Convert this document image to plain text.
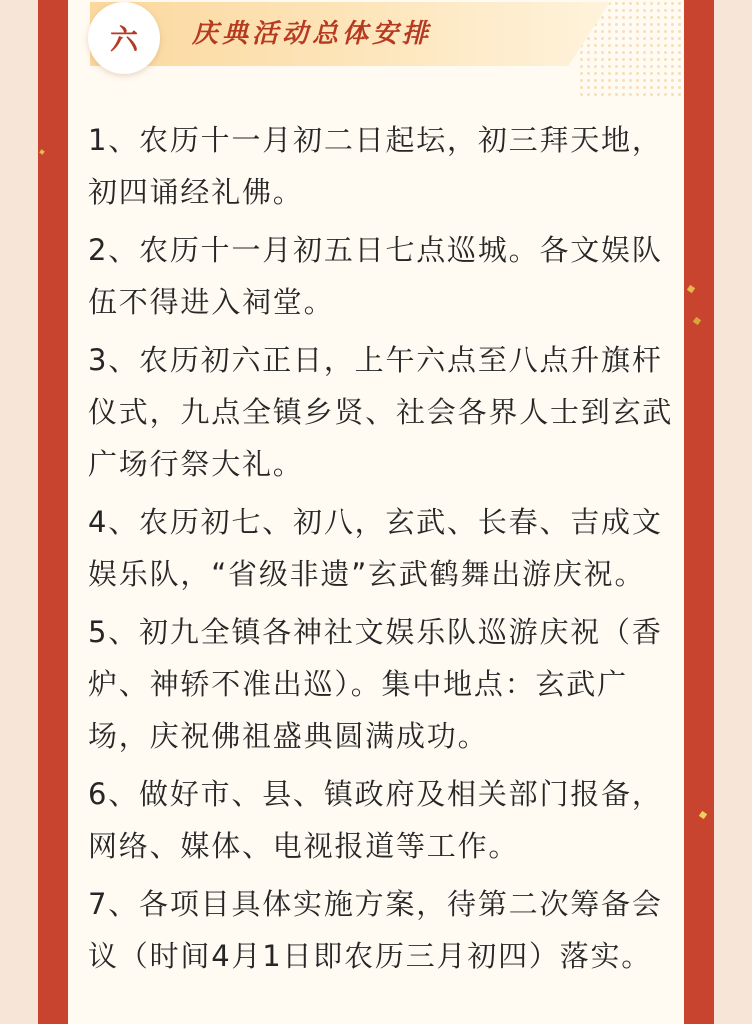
六	庆典活动总体安排

1、农历十一月初二日起坛，初三拜天地，初四诵经礼佛。

2、农历十一月初五日七点巡城。各文娱队伍不得进入祠堂。

3、农历初六正日，上午六点至八点升旗杆仪式，九点全镇乡贤、社会各界人士到玄武广场行祭大礼。

4、农历初七、初八，玄武、长春、吉成文娱乐队，“省级非遗”玄武鹤舞出游庆祝。

5、初九全镇各神社文娱乐队巡游庆祝（香炉、神轿不准出巡）。集中地点：玄武广场，庆祝佛祖盛典圆满成功。

6、做好市、县、镇政府及相关部门报备，网络、媒体、电视报道等工作。

7、各项目具体实施方案，待第二次筹备会议（时间4月1日即农历三月初四）落实。
